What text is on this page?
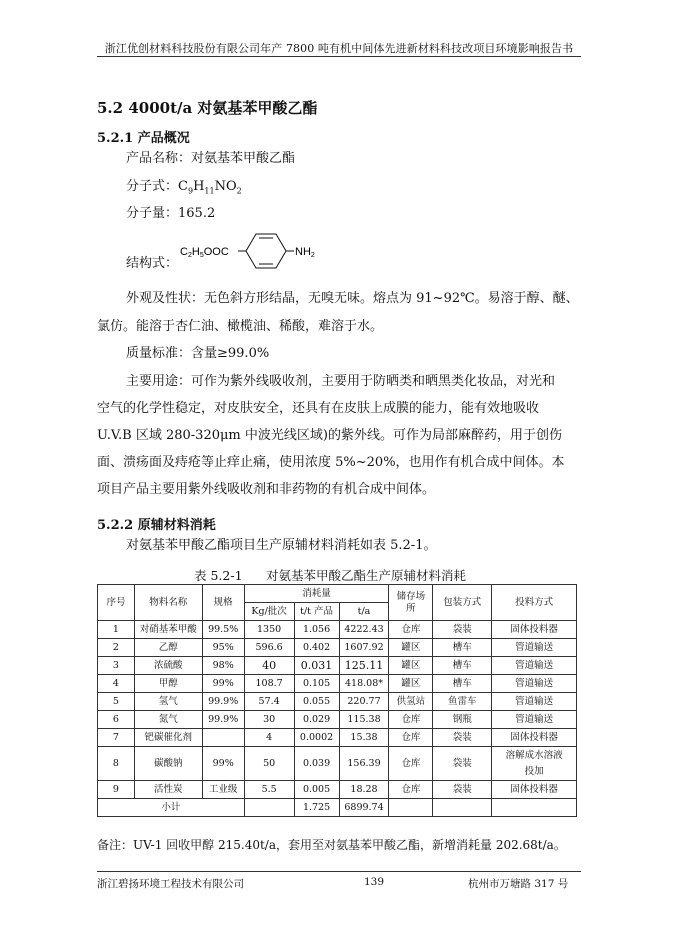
浙江优创材料科技股份有限公司年产 7800 吨有机中间体先进新材料科技改项目环境影响报告书
5.2 4000t/a 对氨基苯甲酸乙酯
5.2.1 产品概况
产品名称：对氨基苯甲酸乙酯
分子式：$C_9H_{11}NO_2$
分子量：165.2
C2H5OOC	NH2
结构式：
外观及性状：无色斜方形结晶，无嗅无味。熔点为 91~92℃。易溶于醇、醚、
氯仿。能溶于杏仁油、橄榄油、稀酸，难溶于水。
质量标准：含量≥99.0%
主要用途：可作为紫外线吸收剂，主要用于防晒类和晒黑类化妆品，对光和
空气的化学性稳定，对皮肤安全，还具有在皮肤上成膜的能力，能有效地吸收
U.V.B 区域 280-320μm 中波光线区域)的紫外线。可作为局部麻醉药，用于创伤
面、溃疡面及痔疮等止痒止痛，使用浓度 5%~20%，也用作有机合成中间体。本
项目产品主要用紫外线吸收剂和非药物的有机合成中间体。
5.2.2 原辅材料消耗
对氨基苯甲酸乙酯项目生产原辅材料消耗如表 5.2-1。
表 5.2-1 对氨基苯甲酸乙酯生产原辅材料消耗
序号	物料名称	规格	消耗量			储存场
所	包装方式	投料方式
			Kg/批次	t/t 产品	t/a			
1	对硝基苯甲酸	99.5%	1350	1.056	4222.43	仓库	袋装	固体投料器
2	乙醇	95%	596.6	0.402	1607.92	罐区	槽车	管道输送
3	浓硫酸	98%	40	0.031	125.11	罐区	槽车	管道输送
4	甲醇	99%	108.7	0.105	418.08*	罐区	槽车	管道输送
5	氢气	99.9%	57.4	0.055	220.77	供氢站	鱼雷车	管道输送
6	氮气	99.9%	30	0.029	115.38	仓库	钢瓶	管道输送
7	钯碳催化剂		4	0.0002	15.38	仓库	袋装	固体投料器
8	碳酸钠	99%	50	0.039	156.39	仓库	袋装	溶解成水溶液
投加

9	活性炭	工业级	5.5	0.005	18.28	仓库	袋装	固体投料器
小计				1.725	6899.74			
备注：UV-1 回收甲醇 215.40t/a，套用至对氨基苯甲酸乙酯，新增消耗量 202.68t/a。
浙江碧扬环境工程技术有限公司	139	杭州市万塘路 317 号
